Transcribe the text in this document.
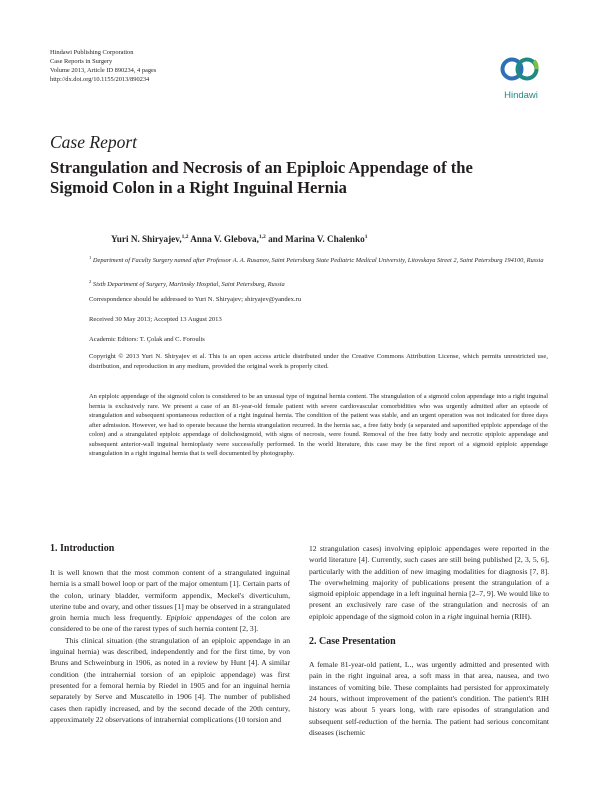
Hindawi Publishing Corporation
Case Reports in Surgery
Volume 2013, Article ID 890234, 4 pages
http://dx.doi.org/10.1155/2013/890234
Hindawi
Case Report
Strangulation and Necrosis of an Epiploic Appendage of the Sigmoid Colon in a Right Inguinal Hernia
Yuri N. Shiryajev,$^{1,2}$ Anna V. Glebova,$^{1,2}$ and Marina V. Chalenko$^1$
$^1$ Department of Faculty Surgery named after Professor A. A. Rusanov, Saint Petersburg State Pediatric Medical University, Litovskaya Street 2, Saint Petersburg 194100, Russia
$^2$ Sixth Department of Surgery, Mariinsky Hospital, Saint Petersburg, Russia
Correspondence should be addressed to Yuri N. Shiryajev; shiryajev@yandex.ru
Received 30 May 2013; Accepted 13 August 2013
Academic Editors: T. Çolak and C. Foroulis
Copyright © 2013 Yuri N. Shiryajev et al. This is an open access article distributed under the Creative Commons Attribution License, which permits unrestricted use, distribution, and reproduction in any medium, provided the original work is properly cited.
An epiploic appendage of the sigmoid colon is considered to be an unusual type of inguinal hernia content. The strangulation of a sigmoid colon appendage into a right inguinal hernia is exclusively rare. We present a case of an 81-year-old female patient with severe cardiovascular comorbidities who was urgently admitted after an episode of strangulation and subsequent spontaneous reduction of a right inguinal hernia. The condition of the patient was stable, and an urgent operation was not indicated for three days after admission. However, we had to operate because the hernia strangulation recurred. In the hernia sac, a free fatty body (a separated and saponified epiploic appendage of the colon) and a strangulated epiploic appendage of dolichosigmoid, with signs of necrosis, were found. Removal of the free fatty body and necrotic epiploic appendage and subsequent anterior-wall inguinal hernioplasty were successfully performed. In the world literature, this case may be the first report of a sigmoid epiploic appendage strangulation in a right inguinal hernia that is well documented by photography.
1. Introduction

It is well known that the most common content of a strangulated inguinal hernia is a small bowel loop or part of the major omentum [1]. Certain parts of the colon, urinary bladder, vermiform appendix, Meckel's diverticulum, uterine tube and ovary, and other tissues [1] may be observed in a strangulated groin hernia much less frequently. Epiploic appendages of the colon are considered to be one of the rarest types of such hernia content [2, 3].

This clinical situation (the strangulation of an epiploic appendage in an inguinal hernia) was described, independently and for the first time, by von Bruns and Schweinburg in 1906, as noted in a review by Hunt [4]. A similar condition (the intrahernial torsion of an epiploic appendage) was first presented for a femoral hernia by Riedel in 1905 and for an inguinal hernia separately by Serve and Muscatello in 1906 [4]. The number of published cases then rapidly increased, and by the second decade of the 20th century, approximately 22 observations of intrahernial complications (10 torsion and

12 strangulation cases) involving epiploic appendages were reported in the world literature [4]. Currently, such cases are still being published [2, 3, 5, 6], particularly with the addition of new imaging modalities for diagnosis [7, 8]. The overwhelming majority of publications present the strangulation of a sigmoid epiploic appendage in a left inguinal hernia [2–7, 9]. We would like to present an exclusively rare case of the strangulation and necrosis of an epiploic appendage of the sigmoid colon in a right inguinal hernia (RIH).

2. Case Presentation

A female 81-year-old patient, L., was urgently admitted and presented with pain in the right inguinal area, a soft mass in that area, nausea, and two instances of vomiting bile. These complaints had persisted for approximately 24 hours, without improvement of the patient's condition. The patient's RIH history was about 5 years long, with rare episodes of strangulation and subsequent self-reduction of the hernia. The patient had serious concomitant diseases (ischemic
